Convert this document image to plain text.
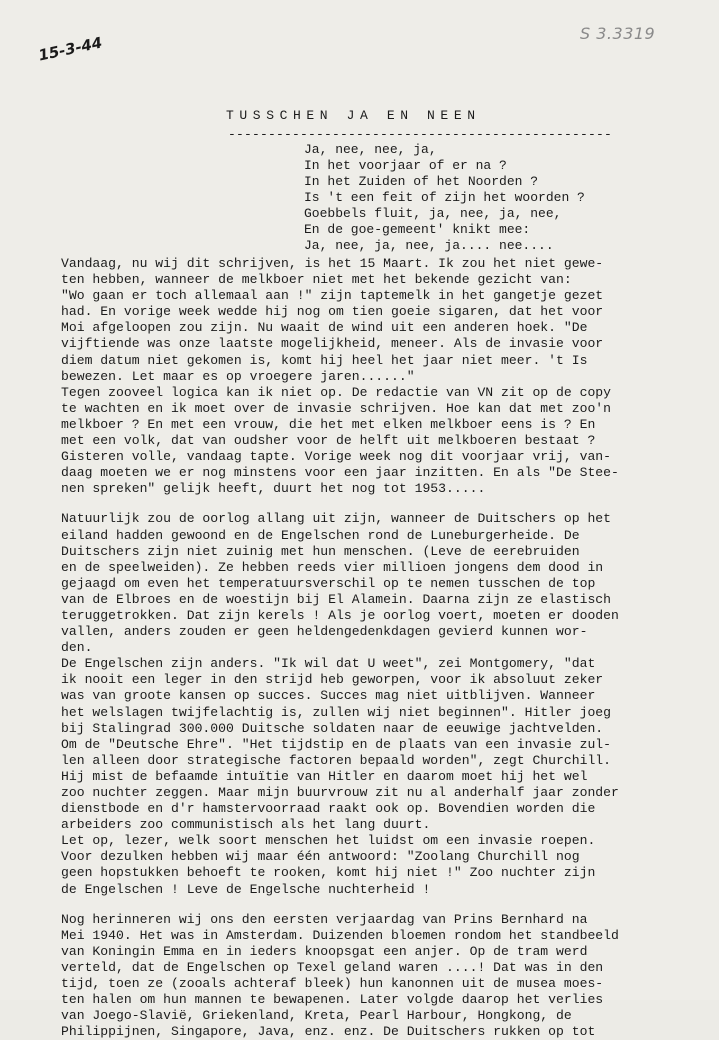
15-3-44	S 3.3319
TUSSCHEN JA EN NEEN
------------------------------------------------
Ja, nee, nee, ja,
In het voorjaar of er na ?
In het Zuiden of het Noorden ?
Is 't een feit of zijn het woorden ?
Goebbels fluit, ja, nee, ja, nee,
En de goe-gemeent' knikt mee:
Ja, nee, ja, nee, ja.... nee....
Vandaag, nu wij dit schrijven, is het 15 Maart. Ik zou het niet gewe-
ten hebben, wanneer de melkboer niet met het bekende gezicht van:
"Wo gaan er toch allemaal aan !" zijn taptemelk in het gangetje gezet
had. En vorige week wedde hij nog om tien goeie sigaren, dat het voor
Moi afgeloopen zou zijn. Nu waait de wind uit een anderen hoek. "De
vijftiende was onze laatste mogelijkheid, meneer. Als de invasie voor
diem datum niet gekomen is, komt hij heel het jaar niet meer. 't Is
bewezen. Let maar es op vroegere jaren......"
Tegen zooveel logica kan ik niet op. De redactie van VN zit op de copy
te wachten en ik moet over de invasie schrijven. Hoe kan dat met zoo'n
melkboer ? En met een vrouw, die het met elken melkboer eens is ? En
met een volk, dat van oudsher voor de helft uit melkboeren bestaat ?
Gisteren volle, vandaag tapte. Vorige week nog dit voorjaar vrij, van-
daag moeten we er nog minstens voor een jaar inzitten. En als "De Stee-
nen spreken" gelijk heeft, duurt het nog tot 1953.....
Natuurlijk zou de oorlog allang uit zijn, wanneer de Duitschers op het
eiland hadden gewoond en de Engelschen rond de Luneburgerheide. De
Duitschers zijn niet zuinig met hun menschen. (Leve de eerebruiden
en de speelweiden). Ze hebben reeds vier millioen jongens dem dood in
gejaagd om even het temperatuursverschil op te nemen tusschen de top
van de Elbroes en de woestijn bij El Alamein. Daarna zijn ze elastisch
teruggetrokken. Dat zijn kerels ! Als je oorlog voert, moeten er dooden
vallen, anders zouden er geen heldengedenkdagen gevierd kunnen wor-
den.
De Engelschen zijn anders. "Ik wil dat U weet", zei Montgomery, "dat
ik nooit een leger in den strijd heb geworpen, voor ik absoluut zeker
was van groote kansen op succes. Succes mag niet uitblijven. Wanneer
het welslagen twijfelachtig is, zullen wij niet beginnen". Hitler joeg
bij Stalingrad 300.000 Duitsche soldaten naar de eeuwige jachtvelden.
Om de "Deutsche Ehre". "Het tijdstip en de plaats van een invasie zul-
len alleen door strategische factoren bepaald worden", zegt Churchill.
Hij mist de befaamde intuïtie van Hitler en daarom moet hij het wel
zoo nuchter zeggen. Maar mijn buurvrouw zit nu al anderhalf jaar zonder
dienstbode en d'r hamstervoorraad raakt ook op. Bovendien worden die
arbeiders zoo communistisch als het lang duurt.
Let op, lezer, welk soort menschen het luidst om een invasie roepen.
Voor dezulken hebben wij maar één antwoord: "Zoolang Churchill nog
geen hopstukken behoeft te rooken, komt hij niet !" Zoo nuchter zijn
de Engelschen ! Leve de Engelsche nuchterheid !
Nog herinneren wij ons den eersten verjaardag van Prins Bernhard na
Mei 1940. Het was in Amsterdam. Duizenden bloemen rondom het standbeeld
van Koningin Emma en in ieders knoopsgat een anjer. Op de tram werd
verteld, dat de Engelschen op Texel geland waren ....! Dat was in den
tijd, toen ze (zooals achteraf bleek) hun kanonnen uit de musea moes-
ten halen om hun mannen te bewapenen. Later volgde daarop het verlies
van Joego-Slavië, Griekenland, Kreta, Pearl Harbour, Hongkong, de
Philippijnen, Singapore, Java, enz. enz. De Duitschers rukken op tot
